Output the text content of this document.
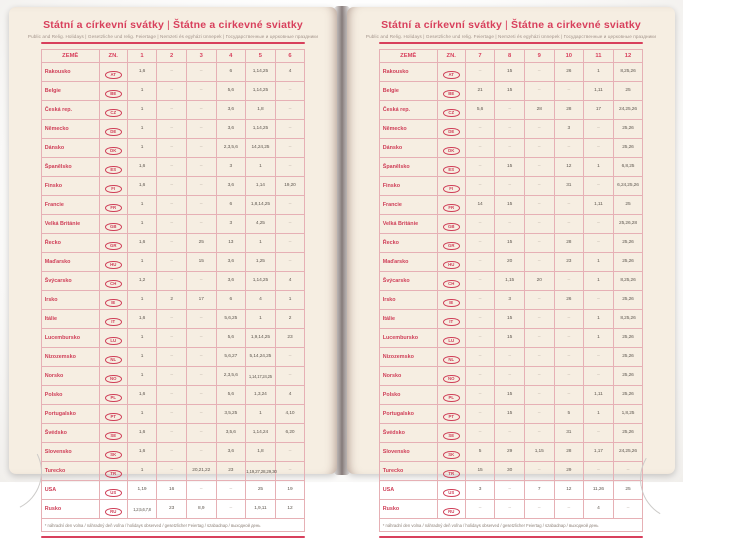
Státní a církevní svátky | Štátne a cirkevné sviatky
Public and Relig. Holidays | Gesetzliche und relig. Feiertage | Nemzeti és egyházi ünnepek | Государственные и церковные праздники
ZEMĚ	ZN.	1	2	3	4	5	6
Rakousko	AT	1,6	–	–	6	1,14,25	4
Belgie	BE	1	–	–	5,6	1,14,25	–
Česká rep.	CZ	1	–	–	3,6	1,8	–
Německo	DE	1	–	–	3,6	1,14,25	–
Dánsko	DK	1	–	–	2,3,5,6	14,24,25	–
Španělsko	ES	1,6	–	–	3	1	–
Finsko	FI	1,6	–	–	3,6	1,14	19,20
Francie	FR	1	–	–	6	1,8,14,25	–
Velká Británie	GB	1	–	–	3	4,25	–
Řecko	GR	1,6	–	25	13	1	–
Maďarsko	HU	1	–	15	3,6	1,25	–
Švýcarsko	CH	1,2	–	–	3,6	1,14,25	4
Irsko	IE	1	2	17	6	4	1
Itálie	IT	1,6	–	–	5,6,25	1	2
Lucembursko	LU	1	–	–	5,6	1,9,14,25	23
Nizozemsko	NL	1	–	–	5,6,27	5,14,24,25	–
Norsko	NO	1	–	–	2,3,5,6	1,14,17,24,25	–
Polsko	PL	1,6	–	–	5,6	1,3,24	4
Portugalsko	PT	1	–	–	3,5,25	1	4,10
Švédsko	SE	1,6	–	–	3,5,6	1,14,24	6,20
Slovensko	SK	1,6	–	–	3,6	1,8	–
Turecko	TR	1	–	20,21,22	23	1,19,27,28,29,30	–
USA	US	1,19	16	–	–	25	19
Rusko	RU	1,2,5,6,7,8	23	8,9	–	1,9,11	12
* náhradní den volna / náhradný deň voľna / holidays observed / gesetzlicher Feiertag / szabadnap / выходной день							
Státní a církevní svátky | Štátne a cirkevné sviatky
Public and Relig. Holidays | Gesetzliche und relig. Feiertage | Nemzeti és egyházi ünnepek | Государственные и церковные праздники
ZEMĚ	ZN.	7	8	9	10	11	12
Rakousko	AT	–	15	–	26	1	8,25,26
Belgie	BE	21	15	–	–	1,11	25
Česká rep.	CZ	5,6	–	28	28	17	24,25,26
Německo	DE	–	–	–	3	–	25,26
Dánsko	DK	–	–	–	–	–	25,26
Španělsko	ES	–	15	–	12	1	6,8,25
Finsko	FI	–	–	–	31	–	6,24,25,26
Francie	FR	14	15	–	–	1,11	25
Velká Británie	GB	–	–	–	–	–	25,26,28
Řecko	GR	–	15	–	28	–	25,26
Maďarsko	HU	–	20	–	23	1	25,26
Švýcarsko	CH	–	1,15	20	–	1	8,25,26
Irsko	IE	–	3	–	26	–	25,26
Itálie	IT	–	15	–	–	1	8,25,26
Lucembursko	LU	–	15	–	–	1	25,26
Nizozemsko	NL	–	–	–	–	–	25,26
Norsko	NO	–	–	–	–	–	25,26
Polsko	PL	–	15	–	–	1,11	25,26
Portugalsko	PT	–	15	–	5	1	1,8,25
Švédsko	SE	–	–	–	31	–	25,26
Slovensko	SK	5	29	1,15	28	1,17	24,25,26
Turecko	TR	15	30	–	29	–	–
USA	US	3	–	7	12	11,26	25
Rusko	RU	–	–	–	–	4	–
* náhradní den volna / náhradný deň voľna / holidays observed / gesetzlicher Feiertag / szabadnap / выходной день							
